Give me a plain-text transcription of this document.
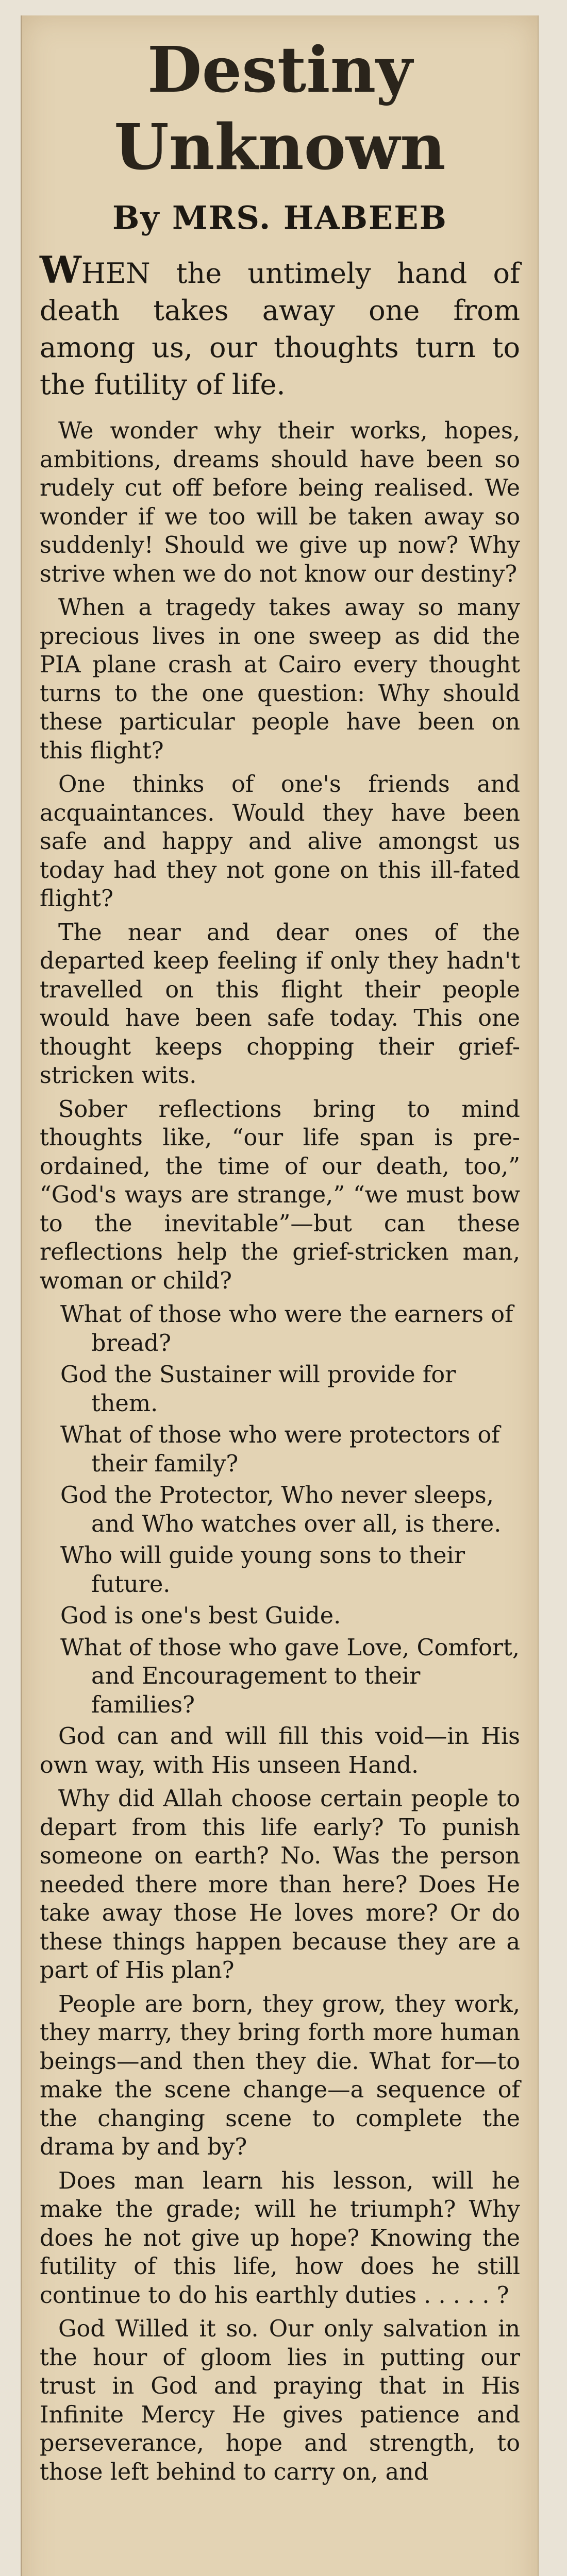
Destiny
Unknown
By MRS. HABEEB

WHEN the untimely hand of death takes away one from among us, our thoughts turn to the futility of life.

We wonder why their works, hopes, ambitions, dreams should have been so rudely cut off before being realised. We wonder if we too will be taken away so suddenly! Should we give up now? Why strive when we do not know our destiny?

When a tragedy takes away so many precious lives in one sweep as did the PIA plane crash at Cairo every thought turns to the one question: Why should these particular people have been on this flight?

One thinks of one's friends and acquaintances. Would they have been safe and happy and alive amongst us today had they not gone on this ill-fated flight?

The near and dear ones of the departed keep feeling if only they hadn't travelled on this flight their people would have been safe today. This one thought keeps chopping their grief-stricken wits.

Sober reflections bring to mind thoughts like, “our life span is pre-ordained, the time of our death, too,” “God's ways are strange,” “we must bow to the inevitable”—but can these reflections help the grief-stricken man, woman or child?

What of those who were the earners of bread?

God the Sustainer will provide for them.

What of those who were protectors of their family?

God the Protector, Who never sleeps, and Who watches over all, is there.

Who will guide young sons to their future.

God is one's best Guide.

What of those who gave Love, Comfort, and Encouragement to their families?

God can and will fill this void—in His own way, with His unseen Hand.

Why did Allah choose certain people to depart from this life early? To punish someone on earth? No. Was the person needed there more than here? Does He take away those He loves more? Or do these things happen because they are a part of His plan?

People are born, they grow, they work, they marry, they bring forth more human beings—and then they die. What for—to make the scene change—a sequence of the changing scene to complete the drama by and by?

Does man learn his lesson, will he make the grade; will he triumph? Why does he not give up hope? Knowing the futility of this life, how does he still continue to do his earthly duties . . . . . ?

God Willed it so. Our only salvation in the hour of gloom lies in putting our trust in God and praying that in His Infinite Mercy He gives patience and perseverance, hope and strength, to those left behind to carry on, and
